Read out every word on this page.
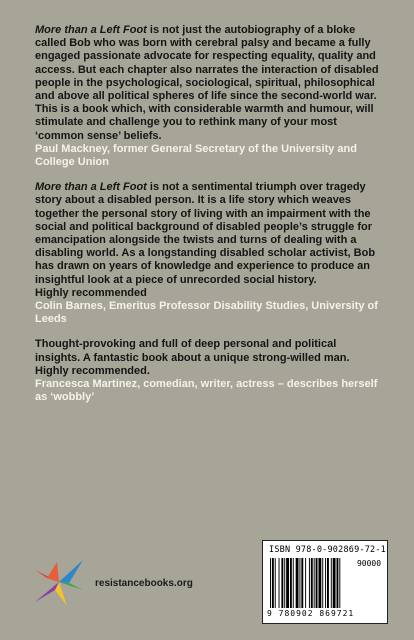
More than a Left Foot is not just the autobiography of a bloke called Bob who was born with cerebral palsy and became a fully engaged passionate advocate for respecting equality, quality and access. But each chapter also narrates the interaction of disabled people in the psychological, sociological, spiritual, philosophical and above all political spheres of life since the second-world war. This is a book which, with considerable warmth and humour, will stimulate and challenge you to rethink many of your most ‘common sense’ beliefs.

Paul Mackney, former General Secretary of the University and College Union

More than a Left Foot is not a sentimental triumph over tragedy story about a disabled person. It is a life story which weaves together the personal story of living with an impairment with the social and political background of disabled people’s struggle for emancipation alongside the twists and turns of dealing with a disabling world. As a longstanding disabled scholar activist, Bob has drawn on years of knowledge and experience to produce an insightful look at a piece of unrecorded social history.

Highly recommended

Colin Barnes, Emeritus Professor Disability Studies, University of Leeds

Thought-provoking and full of deep personal and political insights. A fantastic book about a unique strong-willed man. Highly recommended.

Francesca Martinez, comedian, writer, actress – describes herself as ‘wobbly’

resistancebooks.org
ISBN 978-0-902869-72-1
90000
9 780902 869721
